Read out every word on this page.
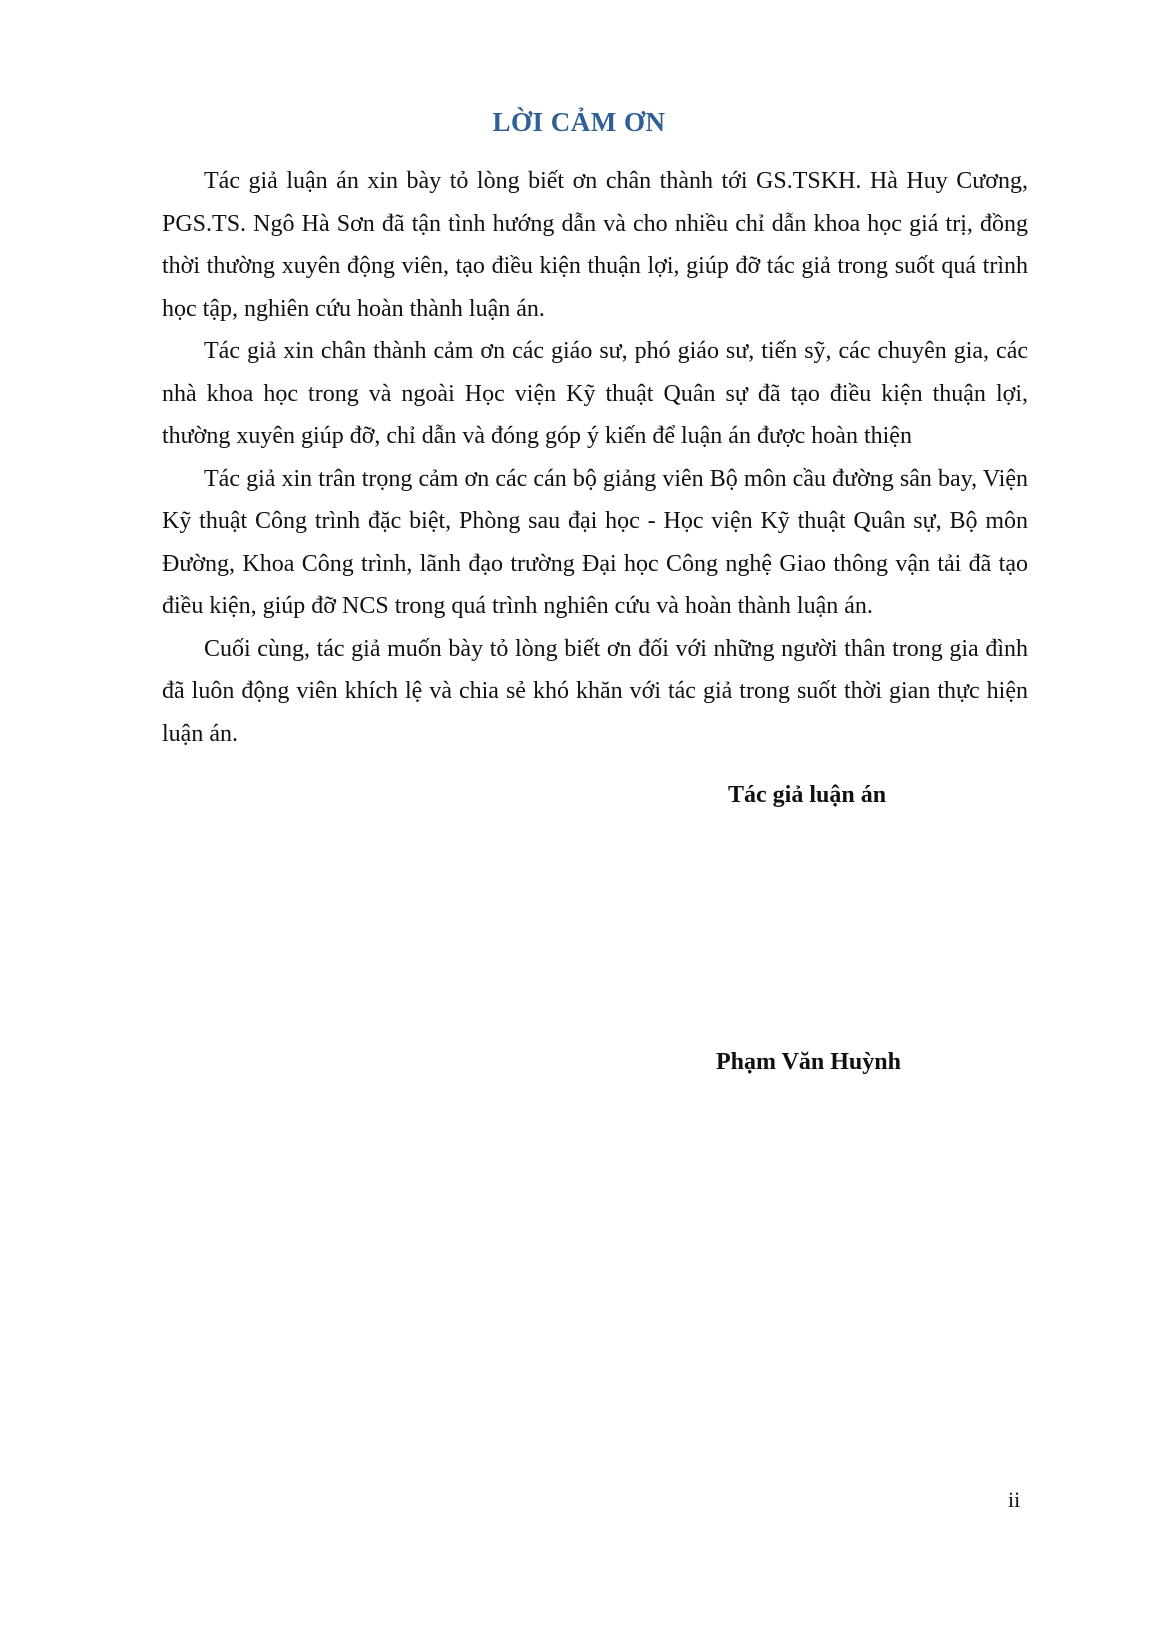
LỜI CẢM ƠN

Tác giả luận án xin bày tỏ lòng biết ơn chân thành tới GS.TSKH. Hà Huy Cương, PGS.TS. Ngô Hà Sơn đã tận tình hướng dẫn và cho nhiều chỉ dẫn khoa học giá trị, đồng thời thường xuyên động viên, tạo điều kiện thuận lợi, giúp đỡ tác giả trong suốt quá trình học tập, nghiên cứu hoàn thành luận án.

Tác giả xin chân thành cảm ơn các giáo sư, phó giáo sư, tiến sỹ, các chuyên gia, các nhà khoa học trong và ngoài Học viện Kỹ thuật Quân sự đã tạo điều kiện thuận lợi, thường xuyên giúp đỡ, chỉ dẫn và đóng góp ý kiến để luận án được hoàn thiện

Tác giả xin trân trọng cảm ơn các cán bộ giảng viên Bộ môn cầu đường sân bay, Viện Kỹ thuật Công trình đặc biệt, Phòng sau đại học - Học viện Kỹ thuật Quân sự, Bộ môn Đường, Khoa Công trình, lãnh đạo trường Đại học Công nghệ Giao thông vận tải đã tạo điều kiện, giúp đỡ NCS trong quá trình nghiên cứu và hoàn thành luận án.

Cuối cùng, tác giả muốn bày tỏ lòng biết ơn đối với những người thân trong gia đình đã luôn động viên khích lệ và chia sẻ khó khăn với tác giả trong suốt thời gian thực hiện luận án.

Tác giả luận án
Phạm Văn Huỳnh
ii
